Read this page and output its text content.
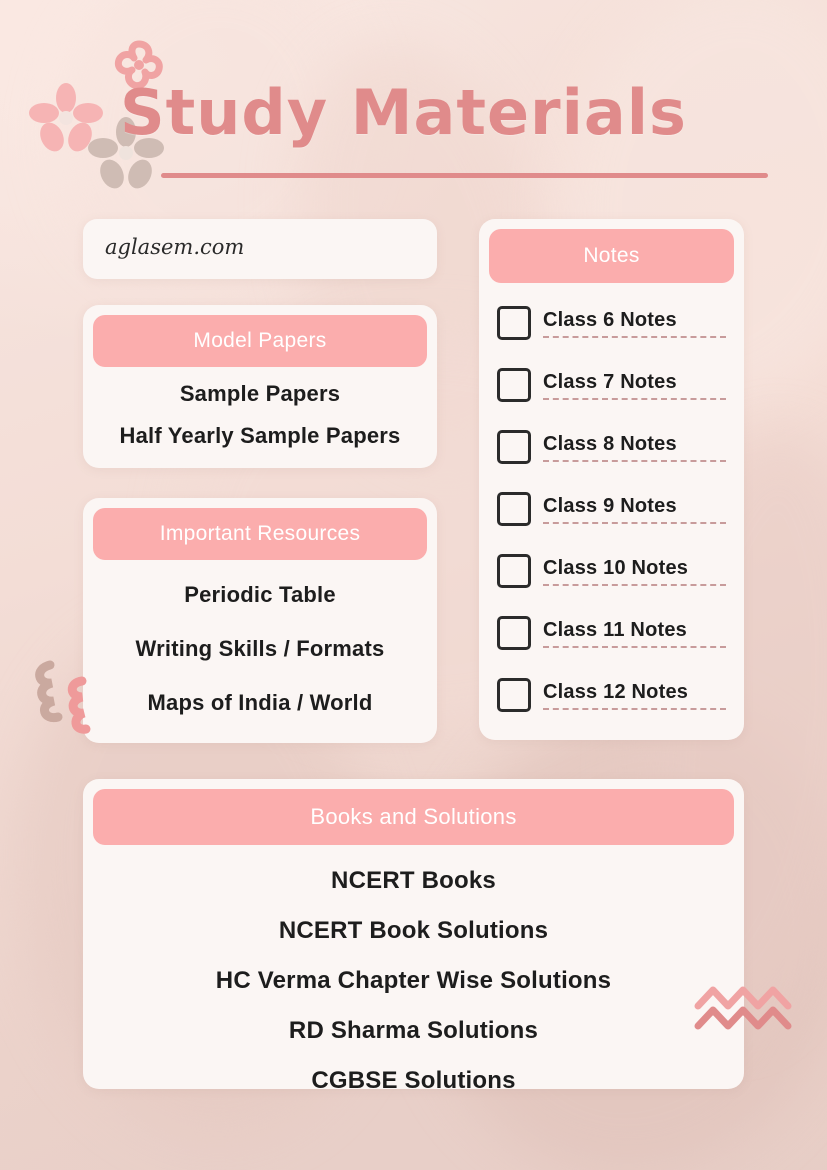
Study Materials
aglasem.com
Model Papers
Sample Papers
Half Yearly Sample Papers
Important Resources
Periodic Table
Writing Skills / Formats
Maps of India / World
Notes
Class 6 Notes
Class 7 Notes
Class 8 Notes
Class 9 Notes
Class 10 Notes
Class 11 Notes
Class 12 Notes
Books and Solutions
NCERT Books
NCERT Book Solutions
HC Verma Chapter Wise Solutions
RD Sharma Solutions
CGBSE Solutions
